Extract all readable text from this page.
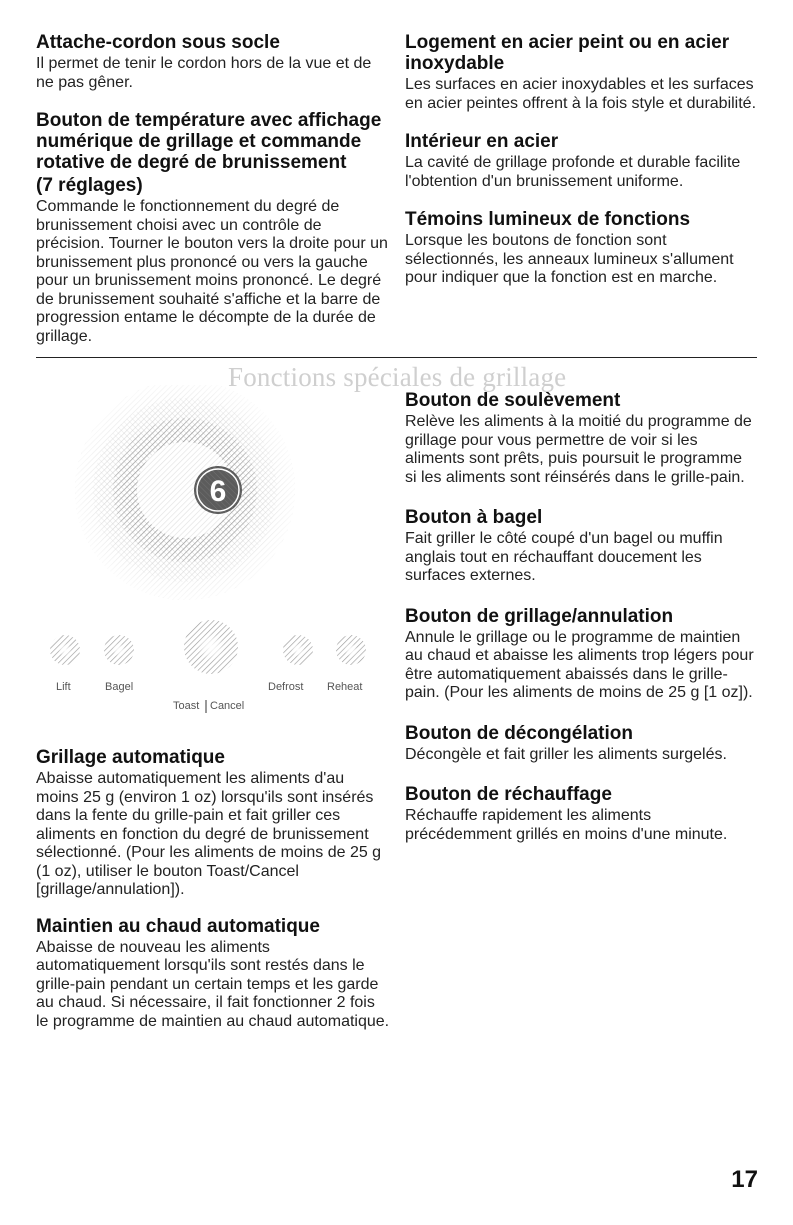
Attache-cordon sous socle

Il permet de tenir le cordon hors de la vue et de ne pas gêner.

Bouton de température avec affichage numérique de grillage et commande rotative de degré de brunissement
(7 réglages)

Commande le fonctionnement du degré de brunissement choisi avec un contrôle de précision. Tourner le bouton vers la droite pour un brunissement plus prononcé ou vers la gauche pour un brunissement moins prononcé. Le degré de brunissement souhaité s'affiche et la barre de progression entame le décompte de la durée de grillage.

Logement en acier peint ou en acier inoxydable

Les surfaces en acier inoxydables et les surfaces en acier peintes offrent à la fois style et durabilité.

Intérieur en acier

La cavité de grillage profonde et durable facilite l'obtention d'un brunissement uniforme.

Témoins lumineux de fonctions

Lorsque les boutons de fonction sont sélectionnés, les anneaux lumineux s'allument pour indiquer que la fonction est en marche.

Fonctions spéciales de grillage
6
Lift	Bagel
Toast Cancel
Defrost Reheat
Grillage automatique

Abaisse automatiquement les aliments d'au moins 25 g (environ 1 oz) lorsqu'ils sont insérés dans la fente du grille-pain et fait griller ces aliments en fonction du degré de brunissement sélectionné. (Pour les aliments de moins de 25 g (1 oz), utiliser le bouton Toast/Cancel [grillage/annulation]).

Maintien au chaud automatique

Abaisse de nouveau les aliments automatiquement lorsqu'ils sont restés dans le grille-pain pendant un certain temps et les garde au chaud. Si nécessaire, il fait fonctionner 2 fois le programme de maintien au chaud automatique.

Bouton de soulèvement

Relève les aliments à la moitié du programme de grillage pour vous permettre de voir si les aliments sont prêts, puis poursuit le programme si les aliments sont réinsérés dans le grille-pain.

Bouton à bagel

Fait griller le côté coupé d'un bagel ou muffin anglais tout en réchauffant doucement les surfaces externes.

Bouton de grillage/annulation

Annule le grillage ou le programme de maintien au chaud et abaisse les aliments trop légers pour être automatiquement abaissés dans le grille-pain. (Pour les aliments de moins de 25 g [1 oz]).

Bouton de décongélation

Décongèle et fait griller les aliments surgelés.

Bouton de réchauffage

Réchauffe rapidement les aliments précédemment grillés en moins d'une minute.

17
